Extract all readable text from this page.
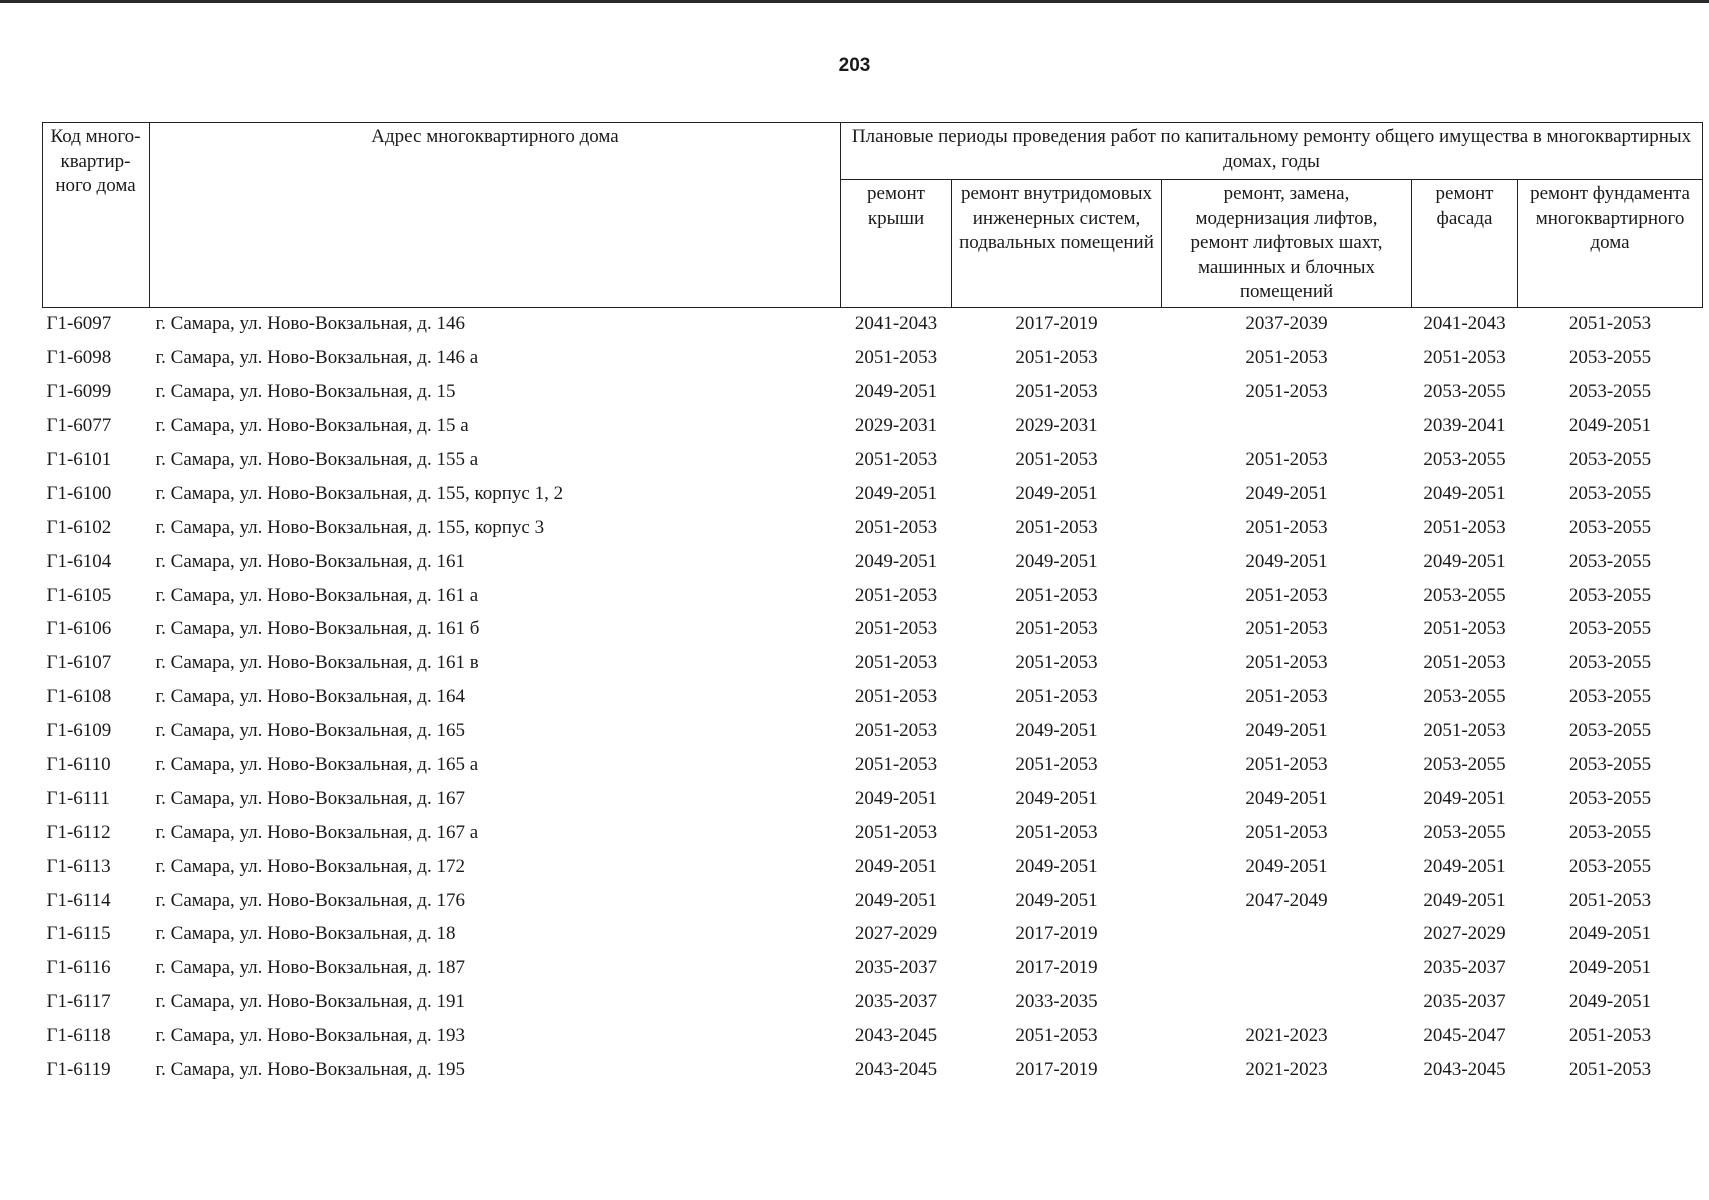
203
Код много-квартир-ного дома	Адрес многоквартирного дома	Плановые периоды проведения работ по капитальному ремонту общего имущества в многоквартирных домах, годы				
		ремонт крыши	ремонт внутридомовых инженерных систем, подвальных помещений	ремонт, замена, модернизация лифтов, ремонт лифтовых шахт, машинных и блочных помещений	ремонт фасада	ремонт фундамента многоквартирного дома
Г1-6097	г. Самара, ул. Ново-Вокзальная, д. 146	2041-2043	2017-2019	2037-2039	2041-2043	2051-2053
Г1-6098	г. Самара, ул. Ново-Вокзальная, д. 146 а	2051-2053	2051-2053	2051-2053	2051-2053	2053-2055
Г1-6099	г. Самара, ул. Ново-Вокзальная, д. 15	2049-2051	2051-2053	2051-2053	2053-2055	2053-2055
Г1-6077	г. Самара, ул. Ново-Вокзальная, д. 15 а	2029-2031	2029-2031		2039-2041	2049-2051
Г1-6101	г. Самара, ул. Ново-Вокзальная, д. 155 а	2051-2053	2051-2053	2051-2053	2053-2055	2053-2055
Г1-6100	г. Самара, ул. Ново-Вокзальная, д. 155, корпус 1, 2	2049-2051	2049-2051	2049-2051	2049-2051	2053-2055
Г1-6102	г. Самара, ул. Ново-Вокзальная, д. 155, корпус 3	2051-2053	2051-2053	2051-2053	2051-2053	2053-2055
Г1-6104	г. Самара, ул. Ново-Вокзальная, д. 161	2049-2051	2049-2051	2049-2051	2049-2051	2053-2055
Г1-6105	г. Самара, ул. Ново-Вокзальная, д. 161 а	2051-2053	2051-2053	2051-2053	2053-2055	2053-2055
Г1-6106	г. Самара, ул. Ново-Вокзальная, д. 161 б	2051-2053	2051-2053	2051-2053	2051-2053	2053-2055
Г1-6107	г. Самара, ул. Ново-Вокзальная, д. 161 в	2051-2053	2051-2053	2051-2053	2051-2053	2053-2055
Г1-6108	г. Самара, ул. Ново-Вокзальная, д. 164	2051-2053	2051-2053	2051-2053	2053-2055	2053-2055
Г1-6109	г. Самара, ул. Ново-Вокзальная, д. 165	2051-2053	2049-2051	2049-2051	2051-2053	2053-2055
Г1-6110	г. Самара, ул. Ново-Вокзальная, д. 165 а	2051-2053	2051-2053	2051-2053	2053-2055	2053-2055
Г1-6111	г. Самара, ул. Ново-Вокзальная, д. 167	2049-2051	2049-2051	2049-2051	2049-2051	2053-2055
Г1-6112	г. Самара, ул. Ново-Вокзальная, д. 167 а	2051-2053	2051-2053	2051-2053	2053-2055	2053-2055
Г1-6113	г. Самара, ул. Ново-Вокзальная, д. 172	2049-2051	2049-2051	2049-2051	2049-2051	2053-2055
Г1-6114	г. Самара, ул. Ново-Вокзальная, д. 176	2049-2051	2049-2051	2047-2049	2049-2051	2051-2053
Г1-6115	г. Самара, ул. Ново-Вокзальная, д. 18	2027-2029	2017-2019		2027-2029	2049-2051
Г1-6116	г. Самара, ул. Ново-Вокзальная, д. 187	2035-2037	2017-2019		2035-2037	2049-2051
Г1-6117	г. Самара, ул. Ново-Вокзальная, д. 191	2035-2037	2033-2035		2035-2037	2049-2051
Г1-6118	г. Самара, ул. Ново-Вокзальная, д. 193	2043-2045	2051-2053	2021-2023	2045-2047	2051-2053
Г1-6119	г. Самара, ул. Ново-Вокзальная, д. 195	2043-2045	2017-2019	2021-2023	2043-2045	2051-2053
